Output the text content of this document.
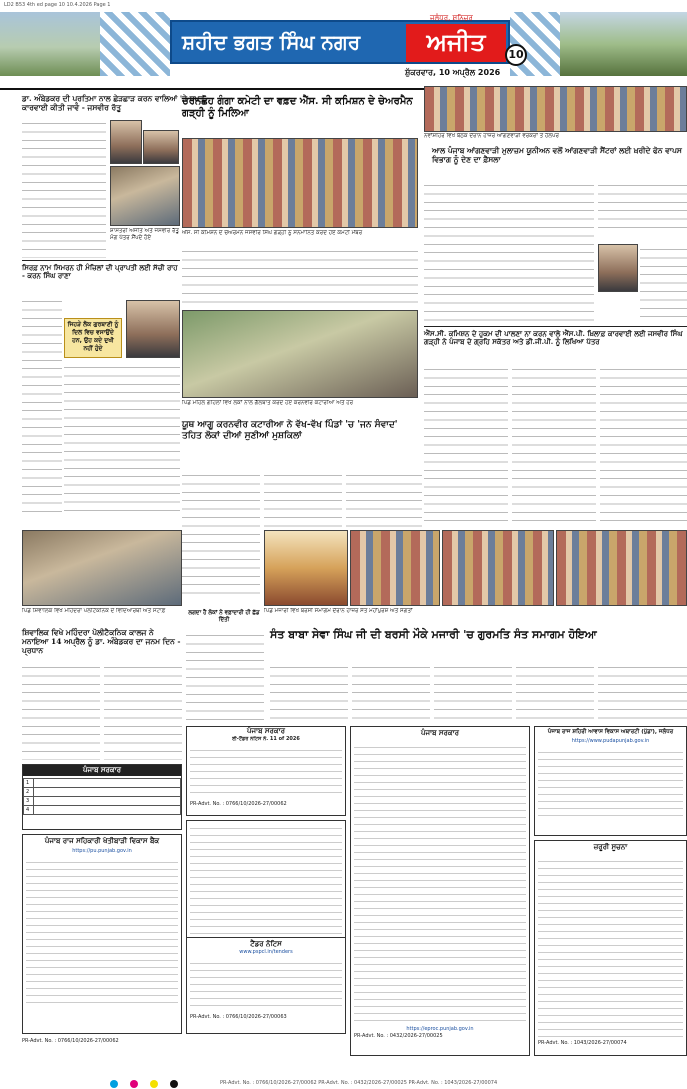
LD2 B53 4th ed page 10 10.4.2026 Page 1
ਸ਼ਹੀਦ ਭਗਤ ਸਿੰਘ ਨਗਰ	ਅਜੀਤ
ਜਲੰਧਰ, ਸ਼ਨਿਚਰ
ਸ਼ੁੱਕਰਵਾਰ, 10 ਅਪ੍ਰੈਲ 2026
10
ਡਾ. ਅੰਬੇਡਕਰ ਦੀ ਪ੍ਰਤਿਮਾ ਨਾਲ ਛੇੜਛਾੜ ਕਰਨ ਵਾਲਿਆਂ 'ਤੇ ਸਖ਼ਤ ਕਾਰਵਾਈ ਕੀਤੀ ਜਾਵੇ - ਜਸਵੀਰ ਰੱਤੂ
ਸ਼ਾਸਤਰੀ ਅਜੀਤ ਅਤੇ ਜਸਵੀਰ ਰੱਤੂ ਮੰਗ ਪੱਤਰ ਸੌਂਪਦੇ ਹੋਏ
ਸਿਰਫ਼ ਨਾਮ ਸਿਮਰਨ ਹੀ ਮੰਜ਼ਿਲਾਂ ਦੀ ਪ੍ਰਾਪਤੀ ਲਈ ਸੱਚੀ ਰਾਹ - ਕਰਨ ਸਿੰਘ ਰਾਣਾ
ਜਿਹੜੇ ਲੋਕ ਗੁਰਬਾਣੀ ਨੂੰ ਦਿਲ ਵਿਚ ਵਸਾਉਂਦੇ ਹਨ, ਉਹ ਕਦੇ ਦੁਖੀ ਨਹੀਂ ਹੁੰਦੇ
ਚਰਨਛੋਹ ਗੰਗਾ ਕਮੇਟੀ ਦਾ ਵਫ਼ਦ ਐੱਸ. ਸੀ ਕਮਿਸ਼ਨ ਦੇ ਚੇਅਰਮੈਨ ਗੜ੍ਹੀ ਨੂੰ ਮਿਲਿਆ
ਐੱਸ. ਸੀ ਕਮਿਸ਼ਨ ਦੇ ਚੇਅਰਮੈਨ ਜਸਵੀਰ ਸਿੰਘ ਗੜ੍ਹੀ ਨੂੰ ਸਨਮਾਨਿਤ ਕਰਦੇ ਹੋਏ ਕਮੇਟੀ ਮੈਂਬਰ
ਪਿੰਡ ਮਹਿਲ ਗਹਿਲਾਂ ਵਿਖੇ ਲੋਕਾਂ ਨਾਲ ਗੱਲਬਾਤ ਕਰਦੇ ਹੋਏ ਕਰਨਵੀਰ ਕਟਾਰੀਆ ਅਤੇ ਹੋਰ
ਨਵਾਂਸ਼ਹਿਰ ਵਿਖੇ ਬੈਠਕ ਦੌਰਾਨ ਹਾਜ਼ਰ ਆਂਗਣਵਾੜੀ ਵਰਕਰਾਂ ਤੇ ਹੈਲਪਰ
ਆਲ ਪੰਜਾਬ ਆਂਗਣਵਾੜੀ ਮੁਲਾਜ਼ਮ ਯੂਨੀਅਨ ਵਲੋਂ ਆਂਗਣਵਾੜੀ ਸੈਂਟਰਾਂ ਲਈ ਖ਼ਰੀਦੇ ਫੋਨ ਵਾਪਸ ਵਿਭਾਗ ਨੂੰ ਦੇਣ ਦਾ ਫ਼ੈਸਲਾ
ਐੱਸ.ਸੀ. ਕਮਿਸ਼ਨ ਦੇ ਹੁਕਮ ਦੀ ਪਾਲਣਾ ਨਾ ਕਰਨ ਵਾਲੇ ਐੱਸ.ਪੀ. ਖ਼ਿਲਾਫ਼ ਕਾਰਵਾਈ ਲਈ ਜਸਵੀਰ ਸਿੰਘ ਗੜ੍ਹੀ ਨੇ ਪੰਜਾਬ ਦੇ ਗ੍ਰਹਿ ਸਕੱਤਰ ਅਤੇ ਡੀ.ਜੀ.ਪੀ. ਨੂੰ ਲਿਖਿਆ ਪੱਤਰ
ਯੂਥ ਆਗੂ ਕਰਨਵੀਰ ਕਟਾਰੀਆ ਨੇ ਵੱਖ-ਵੱਖ ਪਿੰਡਾਂ 'ਚ 'ਜਨ ਸੰਵਾਦ' ਤਹਿਤ ਲੋਕਾਂ ਦੀਆਂ ਸੁਣੀਆਂ ਮੁਸ਼ਕਿਲਾਂ
ਪਿੰਡ ਸ਼ਿਵਾਲਿਕ ਵਿਖੇ ਮਹਿੰਦਰਾ ਪੋਲੀਟੈਕਨਿਕ ਦੇ ਵਿਦਿਆਰਥੀ ਅਤੇ ਸਟਾਫ਼	ਪਿੰਡ ਮਜਾਰੀ ਵਿਖੇ ਬਰਸੀ ਸਮਾਗਮ ਦੌਰਾਨ ਹਾਜ਼ਰ ਸੰਤ ਮਹਾਂਪੁਰਸ਼ ਅਤੇ ਸੰਗਤਾਂ
ਲਗਦਾ ਹੈ ਲੋਕਾਂ ਨੇ ਵਫ਼ਾਦਾਰੀ ਹੀ ਛੱਡ ਦਿੱਤੀ
ਸ਼ਿਵਾਲਿਕ ਵਿਖੇ ਮਹਿੰਦਰਾ ਪੋਲੀਟੈਕਨਿਕ ਕਾਲਜ ਨੇ ਮਨਾਇਆ 14 ਅਪ੍ਰੈਲ ਨੂੰ ਡਾ. ਅੰਬੇਡਕਰ ਦਾ ਜਨਮ ਦਿਨ - ਪ੍ਰਧਾਨ
ਸੰਤ ਬਾਬਾ ਸੇਵਾ ਸਿੰਘ ਜੀ ਦੀ ਬਰਸੀ ਮੌਕੇ ਮਜਾਰੀ 'ਚ ਗੁਰਮਤਿ ਸੰਤ ਸਮਾਗਮ ਹੋਇਆ
ਪੰਜਾਬ ਸਰਕਾਰ
1	
2	
3	
4	
ਪੰਜਾਬ ਰਾਜ ਸਹਿਕਾਰੀ ਖੇਤੀਬਾੜੀ ਵਿਕਾਸ ਬੈਂਕ
https://pu.punjab.gov.in
PR-Advt. No. : 0766/10/2026-27/00062
ਪੰਜਾਬ ਸਰਕਾਰ
ਈ-ਟੈਂਡਰ ਨੋਟਿਸ ਨੰ. 11 of 2026
PR-Advt. No. : 0766/10/2026-27/00062
ਟੈਂਡਰ ਨੋਟਿਸ
www.pspcl.in/tenders
PR-Advt. No. : 0766/10/2026-27/00063
ਪੰਜਾਬ ਸਰਕਾਰ
https://eproc.punjab.gov.in
PR-Advt. No. : 0432/2026-27/00025
ਪੰਜਾਬ ਰਾਜ ਸ਼ਹਿਰੀ ਆਵਾਸ ਵਿਕਾਸ ਅਥਾਰਟੀ (ਪੁੱਡਾ), ਜਲੰਧਰ
https://www.pudapunjab.gov.in
ਜ਼ਰੂਰੀ ਸੂਚਨਾ
PR-Advt. No. : 1043/2026-27/00074
PR-Advt. No. : 0766/10/2026-27/00062 PR-Advt. No. : 0432/2026-27/00025 PR-Advt. No. : 1043/2026-27/00074
